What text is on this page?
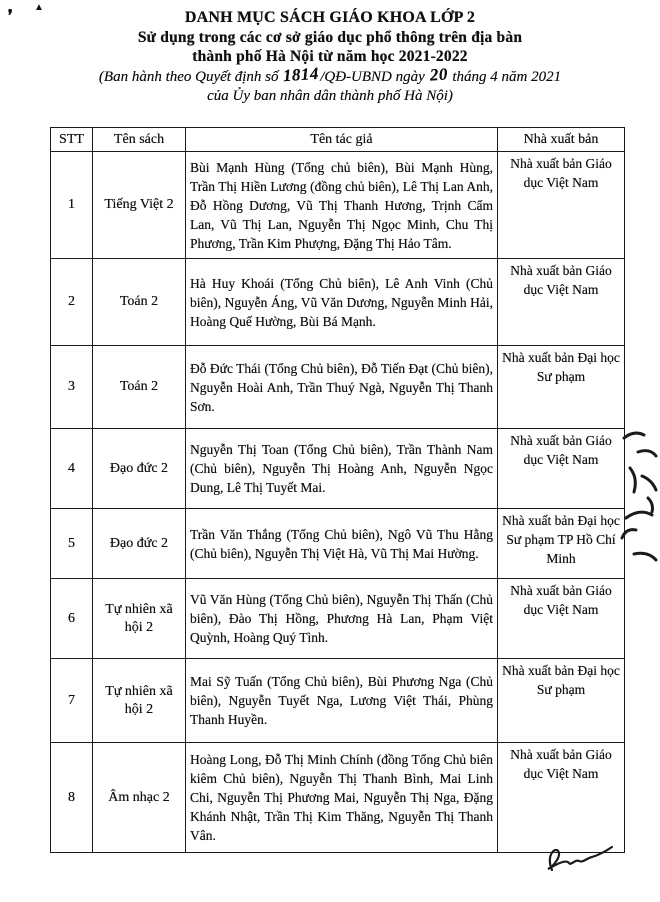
❜
▲
DANH MỤC SÁCH GIÁO KHOA LỚP 2
Sử dụng trong các cơ sở giáo dục phổ thông trên địa bàn
thành phố Hà Nội từ năm học 2021-2022
(Ban hành theo Quyết định số 1814/QĐ-UBND ngày 20 tháng 4 năm 2021
của Ủy ban nhân dân thành phố Hà Nội)
STT	Tên sách	Tên tác giả	Nhà xuất bản
1	Tiếng Việt 2	Bùi Mạnh Hùng (Tổng chủ biên), Bùi Mạnh Hùng, Trần Thị Hiền Lương (đồng chủ biên), Lê Thị Lan Anh, Đỗ Hồng Dương, Vũ Thị Thanh Hương, Trịnh Cẩm Lan, Vũ Thị Lan, Nguyễn Thị Ngọc Minh, Chu Thị Phương, Trần Kim Phượng, Đặng Thị Hảo Tâm.	Nhà xuất bản Giáo dục Việt Nam
2	Toán 2	Hà Huy Khoái (Tổng Chủ biên), Lê Anh Vinh (Chủ biên), Nguyễn Áng, Vũ Văn Dương, Nguyễn Minh Hải, Hoàng Quế Hường, Bùi Bá Mạnh.	Nhà xuất bản Giáo dục Việt Nam
3	Toán 2	Đỗ Đức Thái (Tổng Chủ biên), Đỗ Tiến Đạt (Chủ biên), Nguyễn Hoài Anh, Trần Thuý Ngà, Nguyễn Thị Thanh Sơn.	Nhà xuất bản Đại học Sư phạm
4	Đạo đức 2	Nguyễn Thị Toan (Tổng Chủ biên), Trần Thành Nam (Chủ biên), Nguyễn Thị Hoàng Anh, Nguyễn Ngọc Dung, Lê Thị Tuyết Mai.	Nhà xuất bản Giáo dục Việt Nam
5	Đạo đức 2	Trần Văn Thắng (Tổng Chủ biên), Ngô Vũ Thu Hằng (Chủ biên), Nguyễn Thị Việt Hà, Vũ Thị Mai Hường.	Nhà xuất bản Đại học Sư phạm TP Hồ Chí Minh
6	Tự nhiên xã hội 2	Vũ Văn Hùng (Tổng Chủ biên), Nguyễn Thị Thấn (Chủ biên), Đào Thị Hồng, Phương Hà Lan, Phạm Việt Quỳnh, Hoàng Quý Tình.	Nhà xuất bản Giáo dục Việt Nam
7	Tự nhiên xã hội 2	Mai Sỹ Tuấn (Tổng Chủ biên), Bùi Phương Nga (Chủ biên), Nguyễn Tuyết Nga, Lương Việt Thái, Phùng Thanh Huyền.	Nhà xuất bản Đại học Sư phạm
8	Âm nhạc 2	Hoàng Long, Đỗ Thị Minh Chính (đồng Tổng Chủ biên kiêm Chủ biên), Nguyễn Thị Thanh Bình, Mai Linh Chi, Nguyễn Thị Phương Mai, Nguyễn Thị Nga, Đặng Khánh Nhật, Trần Thị Kim Thăng, Nguyễn Thị Thanh Vân.	Nhà xuất bản Giáo dục Việt Nam
